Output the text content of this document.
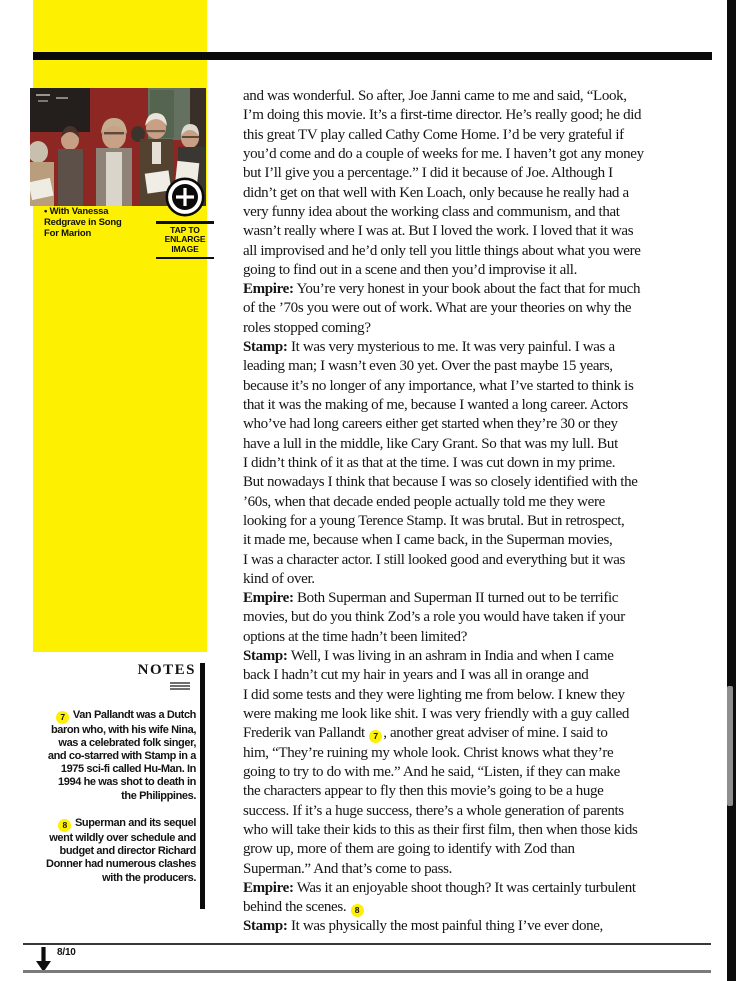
• With Vanessa
Redgrave in Song
For Marion	TAP TO
ENLARGE
IMAGE
NOTES
7 Van Pallandt was a Dutch baron who, with his wife Nina, was a celebrated folk singer, and co-starred with Stamp in a 1975 sci-fi called Hu-Man. In 1994 he was shot to death in the Philippines.
8 Superman and its sequel went wildly over schedule and budget and director Richard Donner had numerous clashes with the producers.
and was wonderful. So after, Joe Janni came to me and said, “Look,
I’m doing this movie. It’s a first-time director. He’s really good; he did
this great TV play called Cathy Come Home. I’d be very grateful if
you’d come and do a couple of weeks for me. I haven’t got any money
but I’ll give you a percentage.” I did it because of Joe. Although I
didn’t get on that well with Ken Loach, only because he really had a
very funny idea about the working class and communism, and that
wasn’t really where I was at. But I loved the work. I loved that it was
all improvised and he’d only tell you little things about what you were
going to find out in a scene and then you’d improvise it all.
Empire: You’re very honest in your book about the fact that for much
of the ’70s you were out of work. What are your theories on why the
roles stopped coming?
Stamp: It was very mysterious to me. It was very painful. I was a
leading man; I wasn’t even 30 yet. Over the past maybe 15 years,
because it’s no longer of any importance, what I’ve started to think is
that it was the making of me, because I wanted a long career. Actors
who’ve had long careers either get started when they’re 30 or they
have a lull in the middle, like Cary Grant. So that was my lull. But
I didn’t think of it as that at the time. I was cut down in my prime.
But nowadays I think that because I was so closely identified with the
’60s, when that decade ended people actually told me they were
looking for a young Terence Stamp. It was brutal. But in retrospect,
it made me, because when I came back, in the Superman movies,
I was a character actor. I still looked good and everything but it was
kind of over.
Empire: Both Superman and Superman II turned out to be terrific
movies, but do you think Zod’s a role you would have taken if your
options at the time hadn’t been limited?
Stamp: Well, I was living in an ashram in India and when I came
back I hadn’t cut my hair in years and I was all in orange and
I did some tests and they were lighting me from below. I knew they
were making me look like shit. I was very friendly with a guy called
Frederik van Pallandt 7 , another great adviser of mine. I said to
him, “They’re ruining my whole look. Christ knows what they’re
going to try to do with me.” And he said, “Listen, if they can make
the characters appear to fly then this movie’s going to be a huge
success. If it’s a huge success, there’s a whole generation of parents
who will take their kids to this as their first film, then when those kids
grow up, more of them are going to identify with Zod than
Superman.” And that’s come to pass.
Empire: Was it an enjoyable shoot though? It was certainly turbulent
behind the scenes. 8
Stamp: It was physically the most painful thing I’ve ever done,
8/10
